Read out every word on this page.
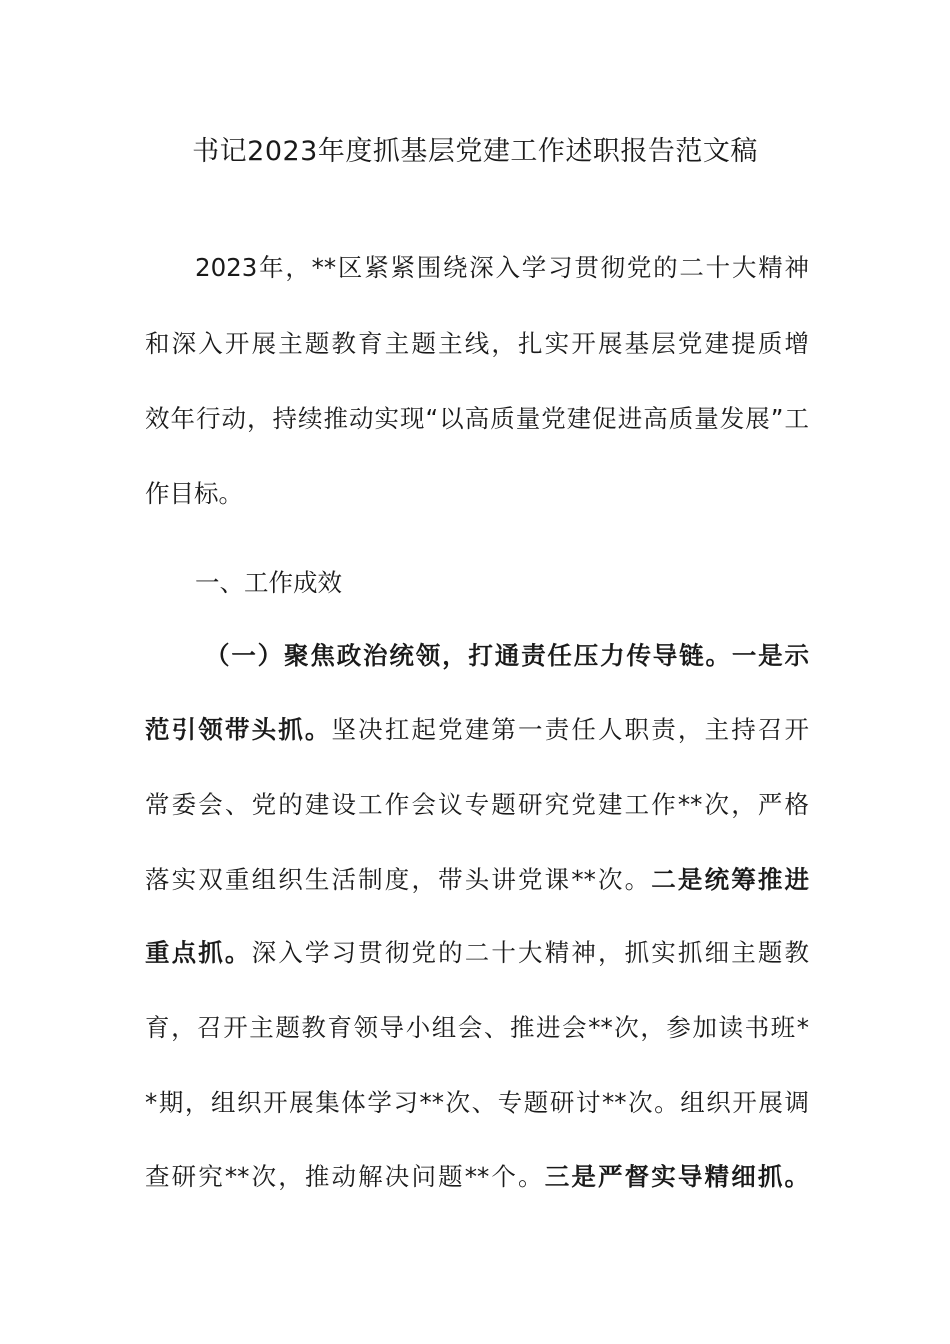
书记2023年度抓基层党建工作述职报告范文稿
2023年，**区紧紧围绕深入学习贯彻党的二十大精神
和深入开展主题教育主题主线，扎实开展基层党建提质增
效年行动，持续推动实现“以高质量党建促进高质量发展”工
作目标。
一、工作成效
（一）聚焦政治统领，打通责任压力传导链。一是示
范引领带头抓。坚决扛起党建第一责任人职责，主持召开
常委会、党的建设工作会议专题研究党建工作**次，严格
落实双重组织生活制度，带头讲党课**次。二是统筹推进
重点抓。深入学习贯彻党的二十大精神，抓实抓细主题教
育，召开主题教育领导小组会、推进会**次，参加读书班*
*期，组织开展集体学习**次、专题研讨**次。组织开展调
查研究**次，推动解决问题**个。三是严督实导精细抓。
